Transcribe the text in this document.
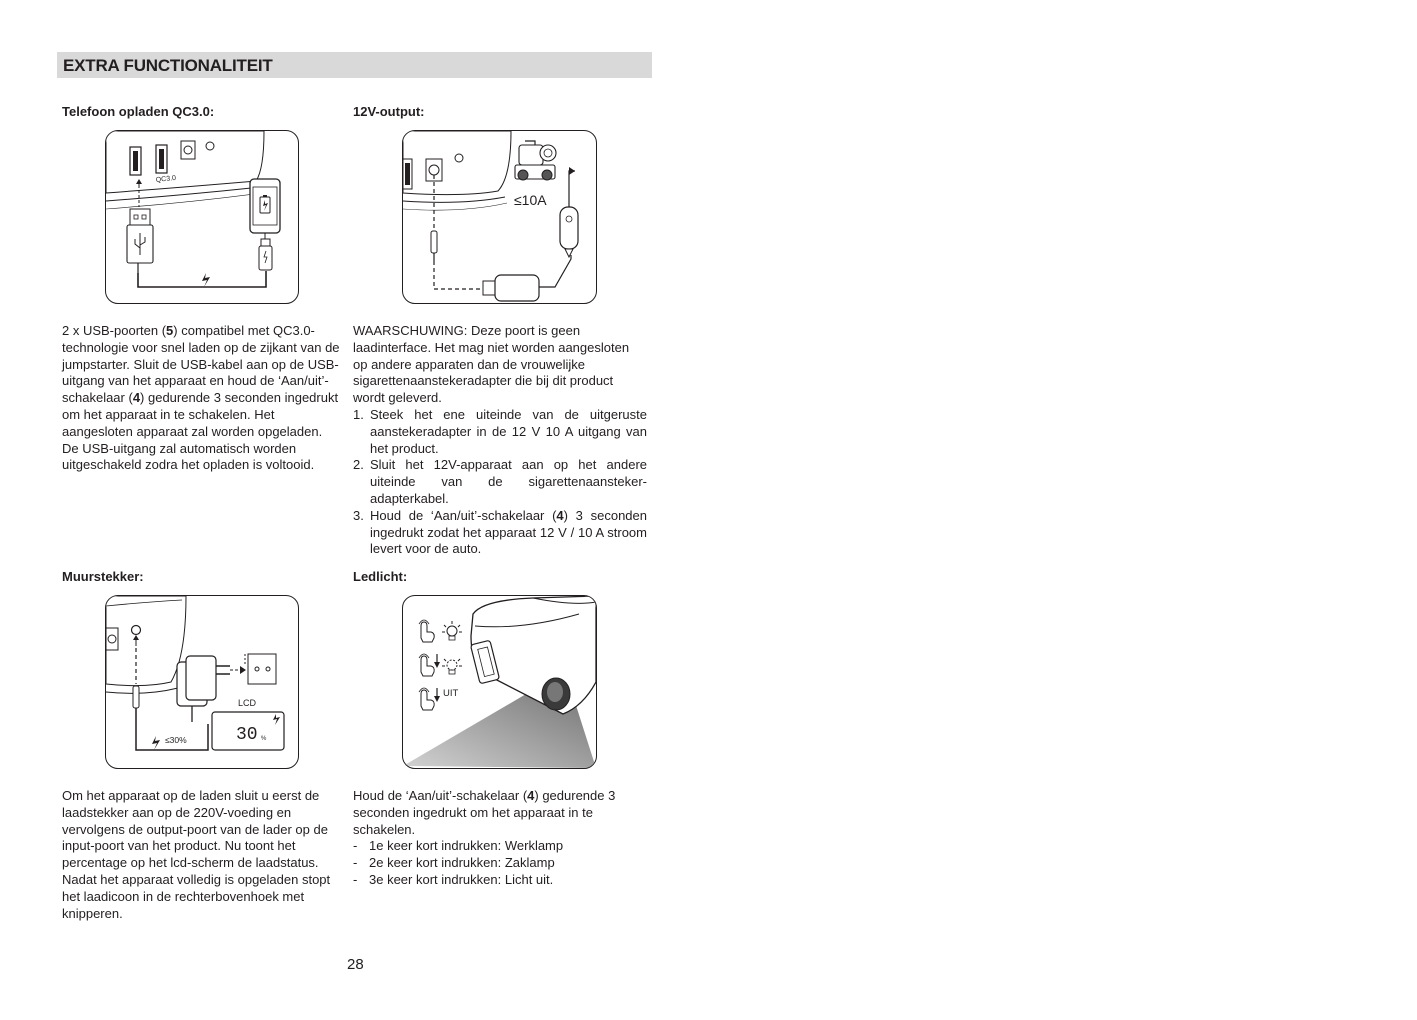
EXTRA FUNCTIONALITEIT
Telefoon opladen QC3.0:	12V-output:
Muurstekker:	Ledlicht:
QC3.0
≤10A
≤30%
LCD
30 %
UIT

2 x USB-poorten (5) compatibel met QC3.0-technologie voor snel laden op de zijkant van de jumpstarter. Sluit de USB-kabel aan op de USB-uitgang van het apparaat en houd de ‘Aan/uit’-schakelaar (4) gedurende 3 seconden ingedrukt om het apparaat in te schakelen. Het aangesloten apparaat zal worden opgeladen. De USB-uitgang zal automatisch worden uitgeschakeld zodra het opladen is voltooid.

WAARSCHUWING: Deze poort is geen laadinterface. Het mag niet worden aangesloten op andere apparaten dan de vrouwelijke sigarettenaanstekeradapter die bij dit product wordt geleverd.

1. Steek het ene uiteinde van de uitgeruste aanstekeradapter in de 12 V 10 A uitgang van het product.
2. Sluit het 12V-apparaat aan op het andere uiteinde van de sigarettenaansteker-adapterkabel.
3. Houd de ‘Aan/uit’-schakelaar (4) 3 seconden ingedrukt zodat het apparaat 12 V / 10 A stroom levert voor de auto.

Om het apparaat op de laden sluit u eerst de laadstekker aan op de 220V-voeding en vervolgens de output-poort van de lader op de input-poort van het product. Nu toont het percentage op het lcd-scherm de laadstatus. Nadat het apparaat volledig is opgeladen stopt het laadicoon in de rechterbovenhoek met knipperen.

Houd de ‘Aan/uit’-schakelaar (4) gedurende 3 seconden ingedrukt om het apparaat in te schakelen.

- 1e keer kort indrukken: Werklamp
- 2e keer kort indrukken: Zaklamp
- 3e keer kort indrukken: Licht uit.
28
